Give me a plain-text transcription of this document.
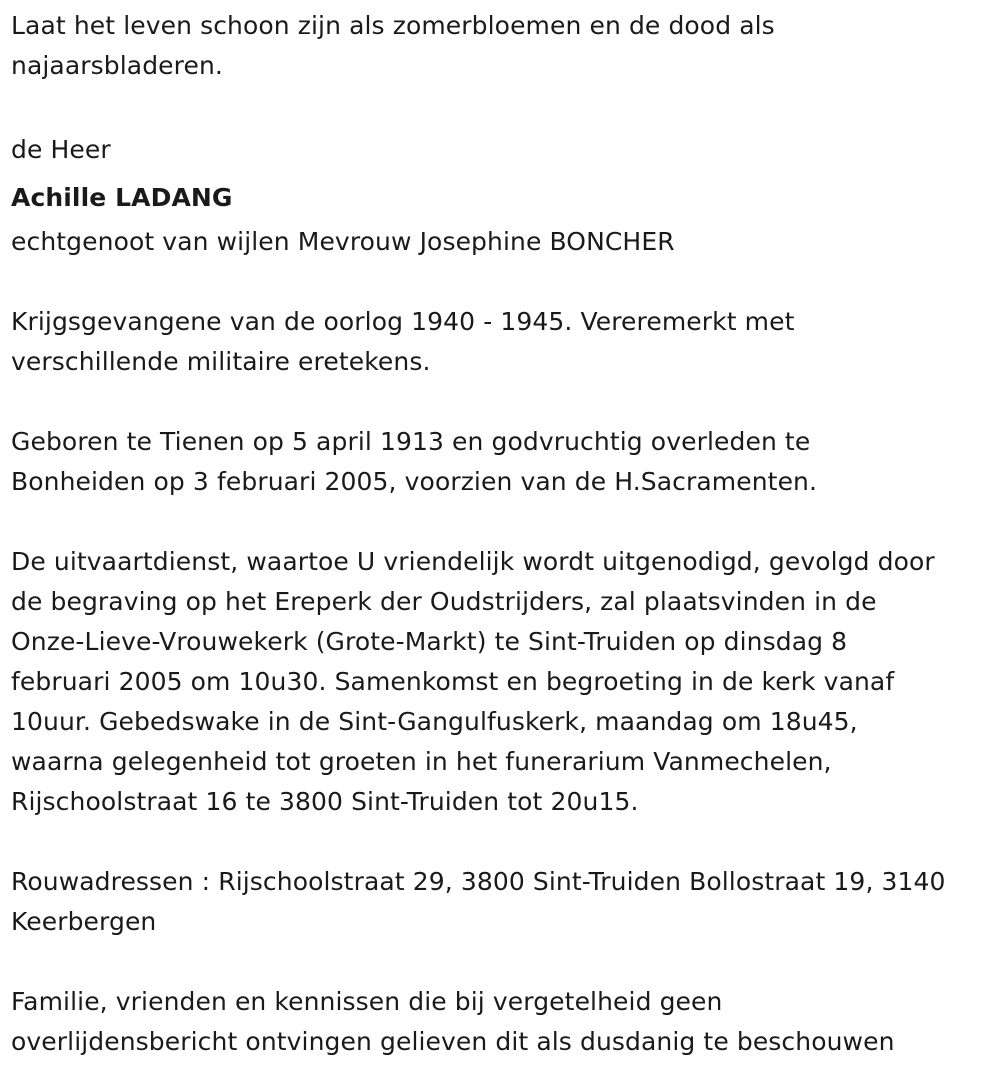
Laat het leven schoon zijn als zomerbloemen en de dood als
najaarsbladeren.
de Heer
Achille LADANG
echtgenoot van wijlen Mevrouw Josephine BONCHER
Krijgsgevangene van de oorlog 1940 - 1945. Vereremerkt met
verschillende militaire eretekens.
Geboren te Tienen op 5 april 1913 en godvruchtig overleden te
Bonheiden op 3 februari 2005, voorzien van de H.Sacramenten.
De uitvaartdienst, waartoe U vriendelijk wordt uitgenodigd, gevolgd door
de begraving op het Ereperk der Oudstrijders, zal plaatsvinden in de
Onze-Lieve-Vrouwekerk (Grote-Markt) te Sint-Truiden op dinsdag 8
februari 2005 om 10u30. Samenkomst en begroeting in de kerk vanaf
10uur. Gebedswake in de Sint-Gangulfuskerk, maandag om 18u45,
waarna gelegenheid tot groeten in het funerarium Vanmechelen,
Rijschoolstraat 16 te 3800 Sint-Truiden tot 20u15.
Rouwadressen : Rijschoolstraat 29, 3800 Sint-Truiden Bollostraat 19, 3140
Keerbergen
Familie, vrienden en kennissen die bij vergetelheid geen
overlijdensbericht ontvingen gelieven dit als dusdanig te beschouwen
